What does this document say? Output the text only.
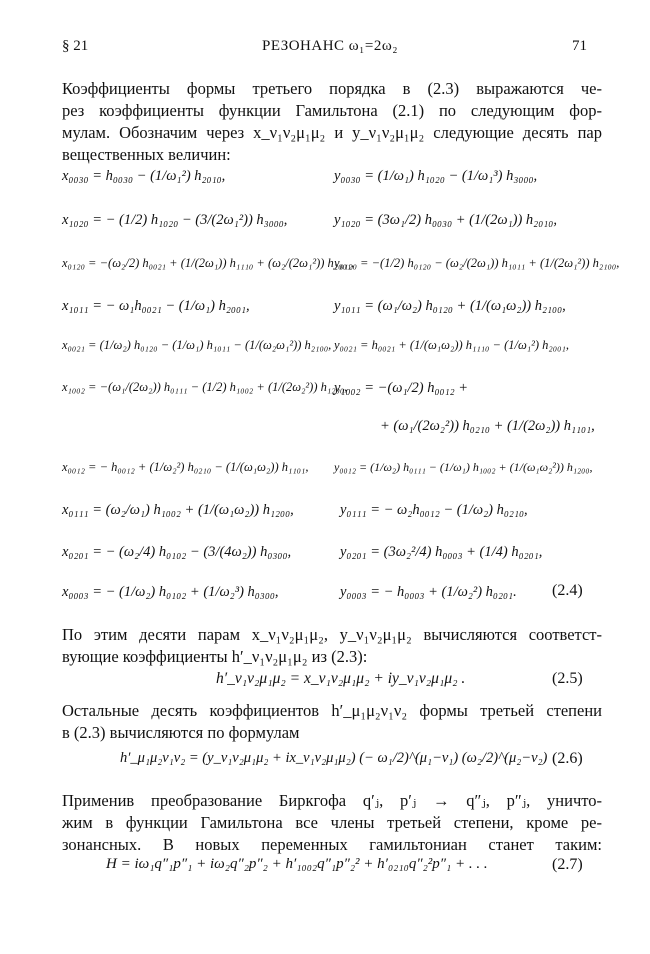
§ 21	РЕЗОНАНС ω₁=2ω₂	71
Коэффициенты формы третьего порядка в (2.3) выражаются че-
рез коэффициенты функции Гамильтона (2.1) по следующим фор-
мулам. Обозначим через x_ν₁ν₂μ₁μ₂ и y_ν₁ν₂μ₁μ₂ следующие десять пар
вещественных величин:
x₀₀₃₀ = h₀₀₃₀ − (1/ω₁²) h₂₀₁₀,	y₀₀₃₀ = (1/ω₁) h₁₀₂₀ − (1/ω₁³) h₃₀₀₀,
x₁₀₂₀ = − (1/2) h₁₀₂₀ − (3/(2ω₁²)) h₃₀₀₀,	y₁₀₂₀ = (3ω₁/2) h₀₀₃₀ + (1/(2ω₁)) h₂₀₁₀,
x₀₁₂₀ = −(ω₂/2) h₀₀₂₁ + (1/(2ω₁)) h₁₁₁₀ + (ω₂/(2ω₁²)) h₂₀₀₁,
y₀₁₂₀ = −(1/2) h₀₁₂₀ − (ω₂/(2ω₁)) h₁₀₁₁ + (1/(2ω₁²)) h₂₁₀₀,
x₁₀₁₁ = − ω₁h₀₀₂₁ − (1/ω₁) h₂₀₀₁,	y₁₀₁₁ = (ω₁/ω₂) h₀₁₂₀ + (1/(ω₁ω₂)) h₂₁₀₀,
x₀₀₂₁ = (1/ω₂) h₀₁₂₀ − (1/ω₁) h₁₀₁₁ − (1/(ω₂ω₁²)) h₂₁₀₀, y₀₀₂₁ = h₀₀₂₁ + (1/(ω₁ω₂)) h₁₁₁₀ − (1/ω₁²) h₂₀₀₁,
x₁₀₀₂ = −(ω₁/(2ω₂)) h₀₁₁₁ − (1/2) h₁₀₀₂ + (1/(2ω₂²)) h₁₂₀₀,
y₁₀₀₂ = −(ω₁/2) h₀₀₁₂ +
+ (ω₁/(2ω₂²)) h₀₂₁₀ + (1/(2ω₂)) h₁₁₀₁,
x₀₀₁₂ = − h₀₀₁₂ + (1/ω₂²) h₀₂₁₀ − (1/(ω₁ω₂)) h₁₁₀₁, y₀₀₁₂ = (1/ω₂) h₀₁₁₁ − (1/ω₁) h₁₀₀₂ + (1/(ω₁ω₂²)) h₁₂₀₀,
x₀₁₁₁ = (ω₂/ω₁) h₁₀₀₂ + (1/(ω₁ω₂)) h₁₂₀₀,	y₀₁₁₁ = − ω₂h₀₀₁₂ − (1/ω₂) h₀₂₁₀,
x₀₂₀₁ = − (ω₂/4) h₀₁₀₂ − (3/(4ω₂)) h₀₃₀₀,	y₀₂₀₁ = (3ω₂²/4) h₀₀₀₃ + (1/4) h₀₂₀₁,
x₀₀₀₃ = − (1/ω₂) h₀₁₀₂ + (1/ω₂³) h₀₃₀₀,	y₀₀₀₃ = − h₀₀₀₃ + (1/ω₂²) h₀₂₀₁. (2.4)
По этим десяти парам x_ν₁ν₂μ₁μ₂, y_ν₁ν₂μ₁μ₂ вычисляются соответст-
вующие коэффициенты h′_ν₁ν₂μ₁μ₂ из (2.3):
h′_ν₁ν₂μ₁μ₂ = x_ν₁ν₂μ₁μ₂ + iy_ν₁ν₂μ₁μ₂ .	(2.5)
Остальные десять коэффициентов h′_μ₁μ₂ν₁ν₂ формы третьей степени
в (2.3) вычисляются по формулам
h′_μ₁μ₂ν₁ν₂ = (y_ν₁ν₂μ₁μ₂ + ix_ν₁ν₂μ₁μ₂) (− ω₁/2)^(μ₁−ν₁) (ω₂/2)^(μ₂−ν₂) (2.6)
Применив преобразование Биркгофа q′ⱼ, p′ⱼ → q″ⱼ, p″ⱼ, уничто-
жим в функции Гамильтона все члены третьей степени, кроме ре-
зонансных. В новых переменных гамильтониан станет таким:
H = iω₁q″₁p″₁ + iω₂q″₂p″₂ + h′₁₀₀₂q″₁p″₂² + h′₀₂₁₀q″₂²p″₁ + . . .	(2.7)
